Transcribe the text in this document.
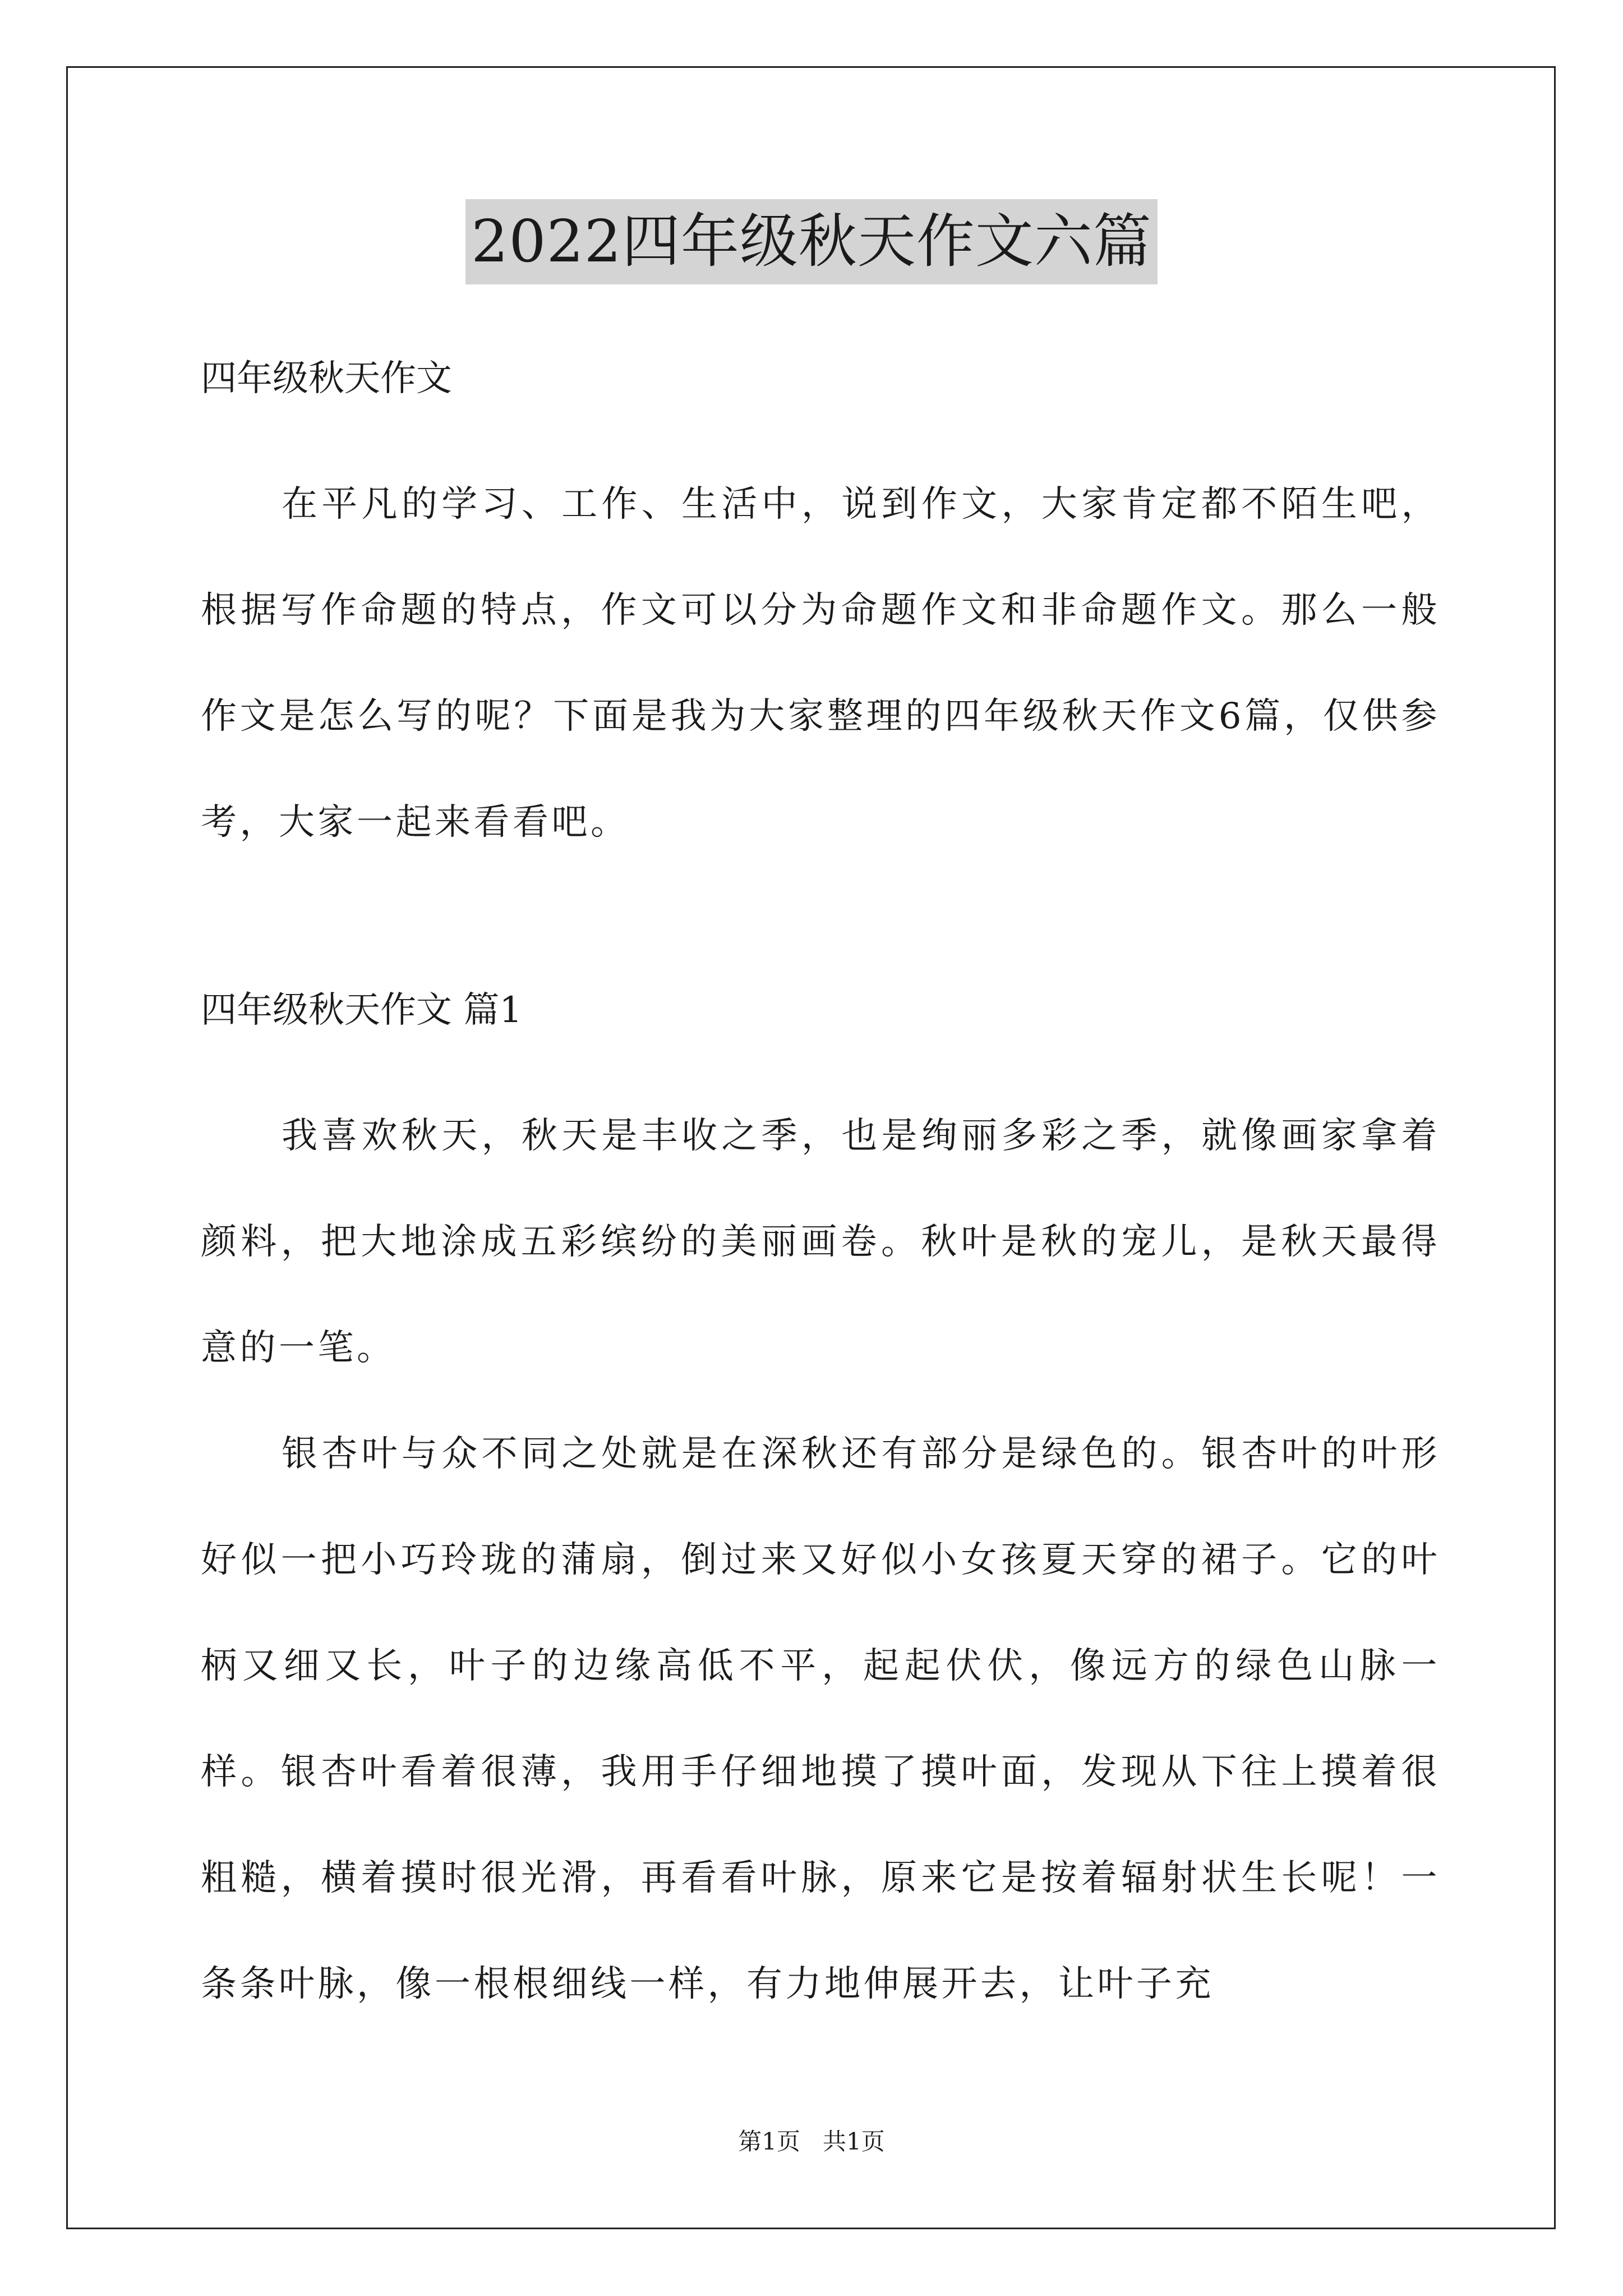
2022四年级秋天作文六篇

四年级秋天作文

在平凡的学习、工作、生活中，说到作文，大家肯定都不陌生吧，根据写作命题的特点，作文可以分为命题作文和非命题作文。那么一般作文是怎么写的呢？下面是我为大家整理的四年级秋天作文6篇，仅供参考，大家一起来看看吧。

四年级秋天作文 篇1

我喜欢秋天，秋天是丰收之季，也是绚丽多彩之季，就像画家拿着颜料，把大地涂成五彩缤纷的美丽画卷。秋叶是秋的宠儿，是秋天最得意的一笔。

银杏叶与众不同之处就是在深秋还有部分是绿色的。银杏叶的叶形好似一把小巧玲珑的蒲扇，倒过来又好似小女孩夏天穿的裙子。它的叶柄又细又长，叶子的边缘高低不平，起起伏伏，像远方的绿色山脉一样。银杏叶看着很薄，我用手仔细地摸了摸叶面，发现从下往上摸着很粗糙，横着摸时很光滑，再看看叶脉，原来它是按着辐射状生长呢！一条条叶脉，像一根根细线一样，有力地伸展开去，让叶子充

第1页   共1页
